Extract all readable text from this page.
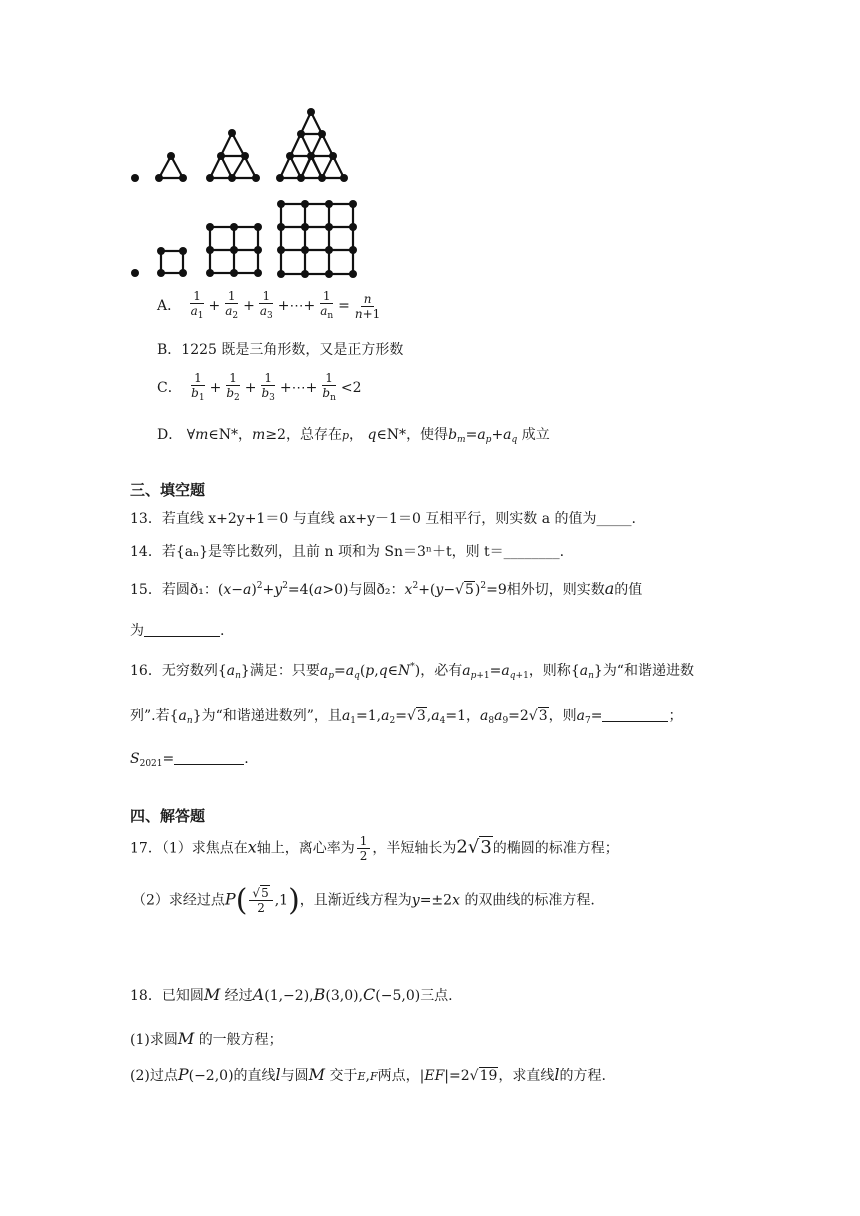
A． $\frac{1}{a_1} + \frac{1}{a_2} + \frac{1}{a_3}$ +⋯+ $\frac{1}{a_n} = \frac{n}{n+1}$
B．1225 既是三角形数，又是正方形数
C． $\frac{1}{b_1} + \frac{1}{b_2} + \frac{1}{b_3}$ +⋯+ $\frac{1}{b_n} <2$
D． ∀m∈N*，m≥2，总存在p， q∈N*，使得$b_m=a_p+a_q$ 成立
三、填空题
13．若直线 x+2y+1＝0 与直线 ax+y－1＝0 互相平行，则实数 a 的值为_____.
14．若{aₙ}是等比数列，且前 n 项和为 Sn＝3ⁿ＋t，则 t＝________.
15．若圆ð₁：$(x-a)^2+y^2=4(a>0)$与圆ð₂：$x^2+(y-√5)^2=9$相外切，则实数a的值
为	.
16．无穷数列$\{a_n\}$满足：只要$a_p=a_q(p,q\in N^*)$，必有$a_{p+1}=a_{q+1}$，则称$\{a_n\}$为“和谐递进数
列”.若$\{a_n\}$为“和谐递进数列”，且$a_1=1,a_2=√3,a_4=1$，$a_8a_9=2√3$，则$a_7=$	；
$S_{2021}=$	.
四、解答题
17．（1）求焦点在x轴上，离心率为 $\frac{1}{2}$ ，半短轴长为2√3的椭圆的标准方程；
（2）求经过点$P( \frac{√5}{2} ,1)$，且渐近线方程为y=±2x 的双曲线的标准方程.
18．已知圆M 经过A(1,−2),B(3,0),C(−5,0)三点.
(1)求圆M 的一般方程；
(2)过点P(−2,0)的直线l与圆M 交于E,F两点，|EF|=2√19，求直线l的方程.
